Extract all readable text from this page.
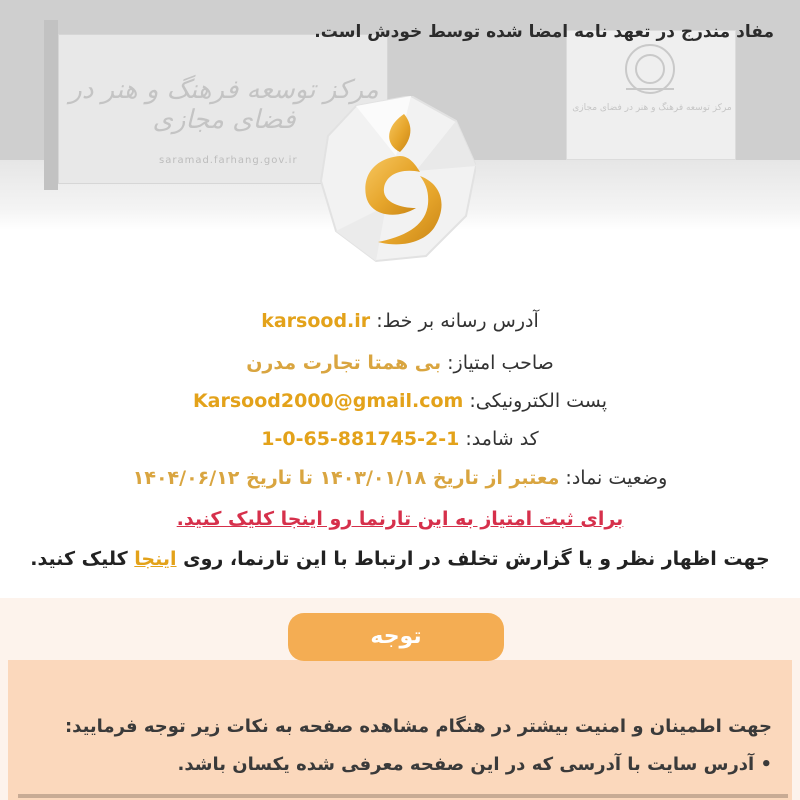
مرکز توسعه فرهنگ و هنر در فضای مجازی
saramad.farhang.gov.ir
مرکز توسعه فرهنگ و هنر در فضای مجازی

مفاد مندرج در تعهد نامه امضا شده توسط خودش است.
آدرس رسانه بر خط: karsood.ir
صاحب امتیاز: بی همتا تجارت مدرن
پست الکترونیکی: Karsood2000@gmail.com
کد شامد: 1-0-65-881745-2-1
وضعیت نماد: معتبر از تاریخ ۱۴۰۳/۰۱/۱۸ تا تاریخ ۱۴۰۴/۰۶/۱۲
برای ثبت امتیاز به این تارنما رو اینجا کلیک کنید.
جهت اظهار نظر و یا گزارش تخلف در ارتباط با این تارنما، روی اینجا کلیک کنید.
توجه
جهت اطمینان و امنیت بیشتر در هنگام مشاهده صفحه به نکات زیر توجه فرمایید:
• آدرس سایت با آدرسی که در این صفحه معرفی شده یکسان باشد.
